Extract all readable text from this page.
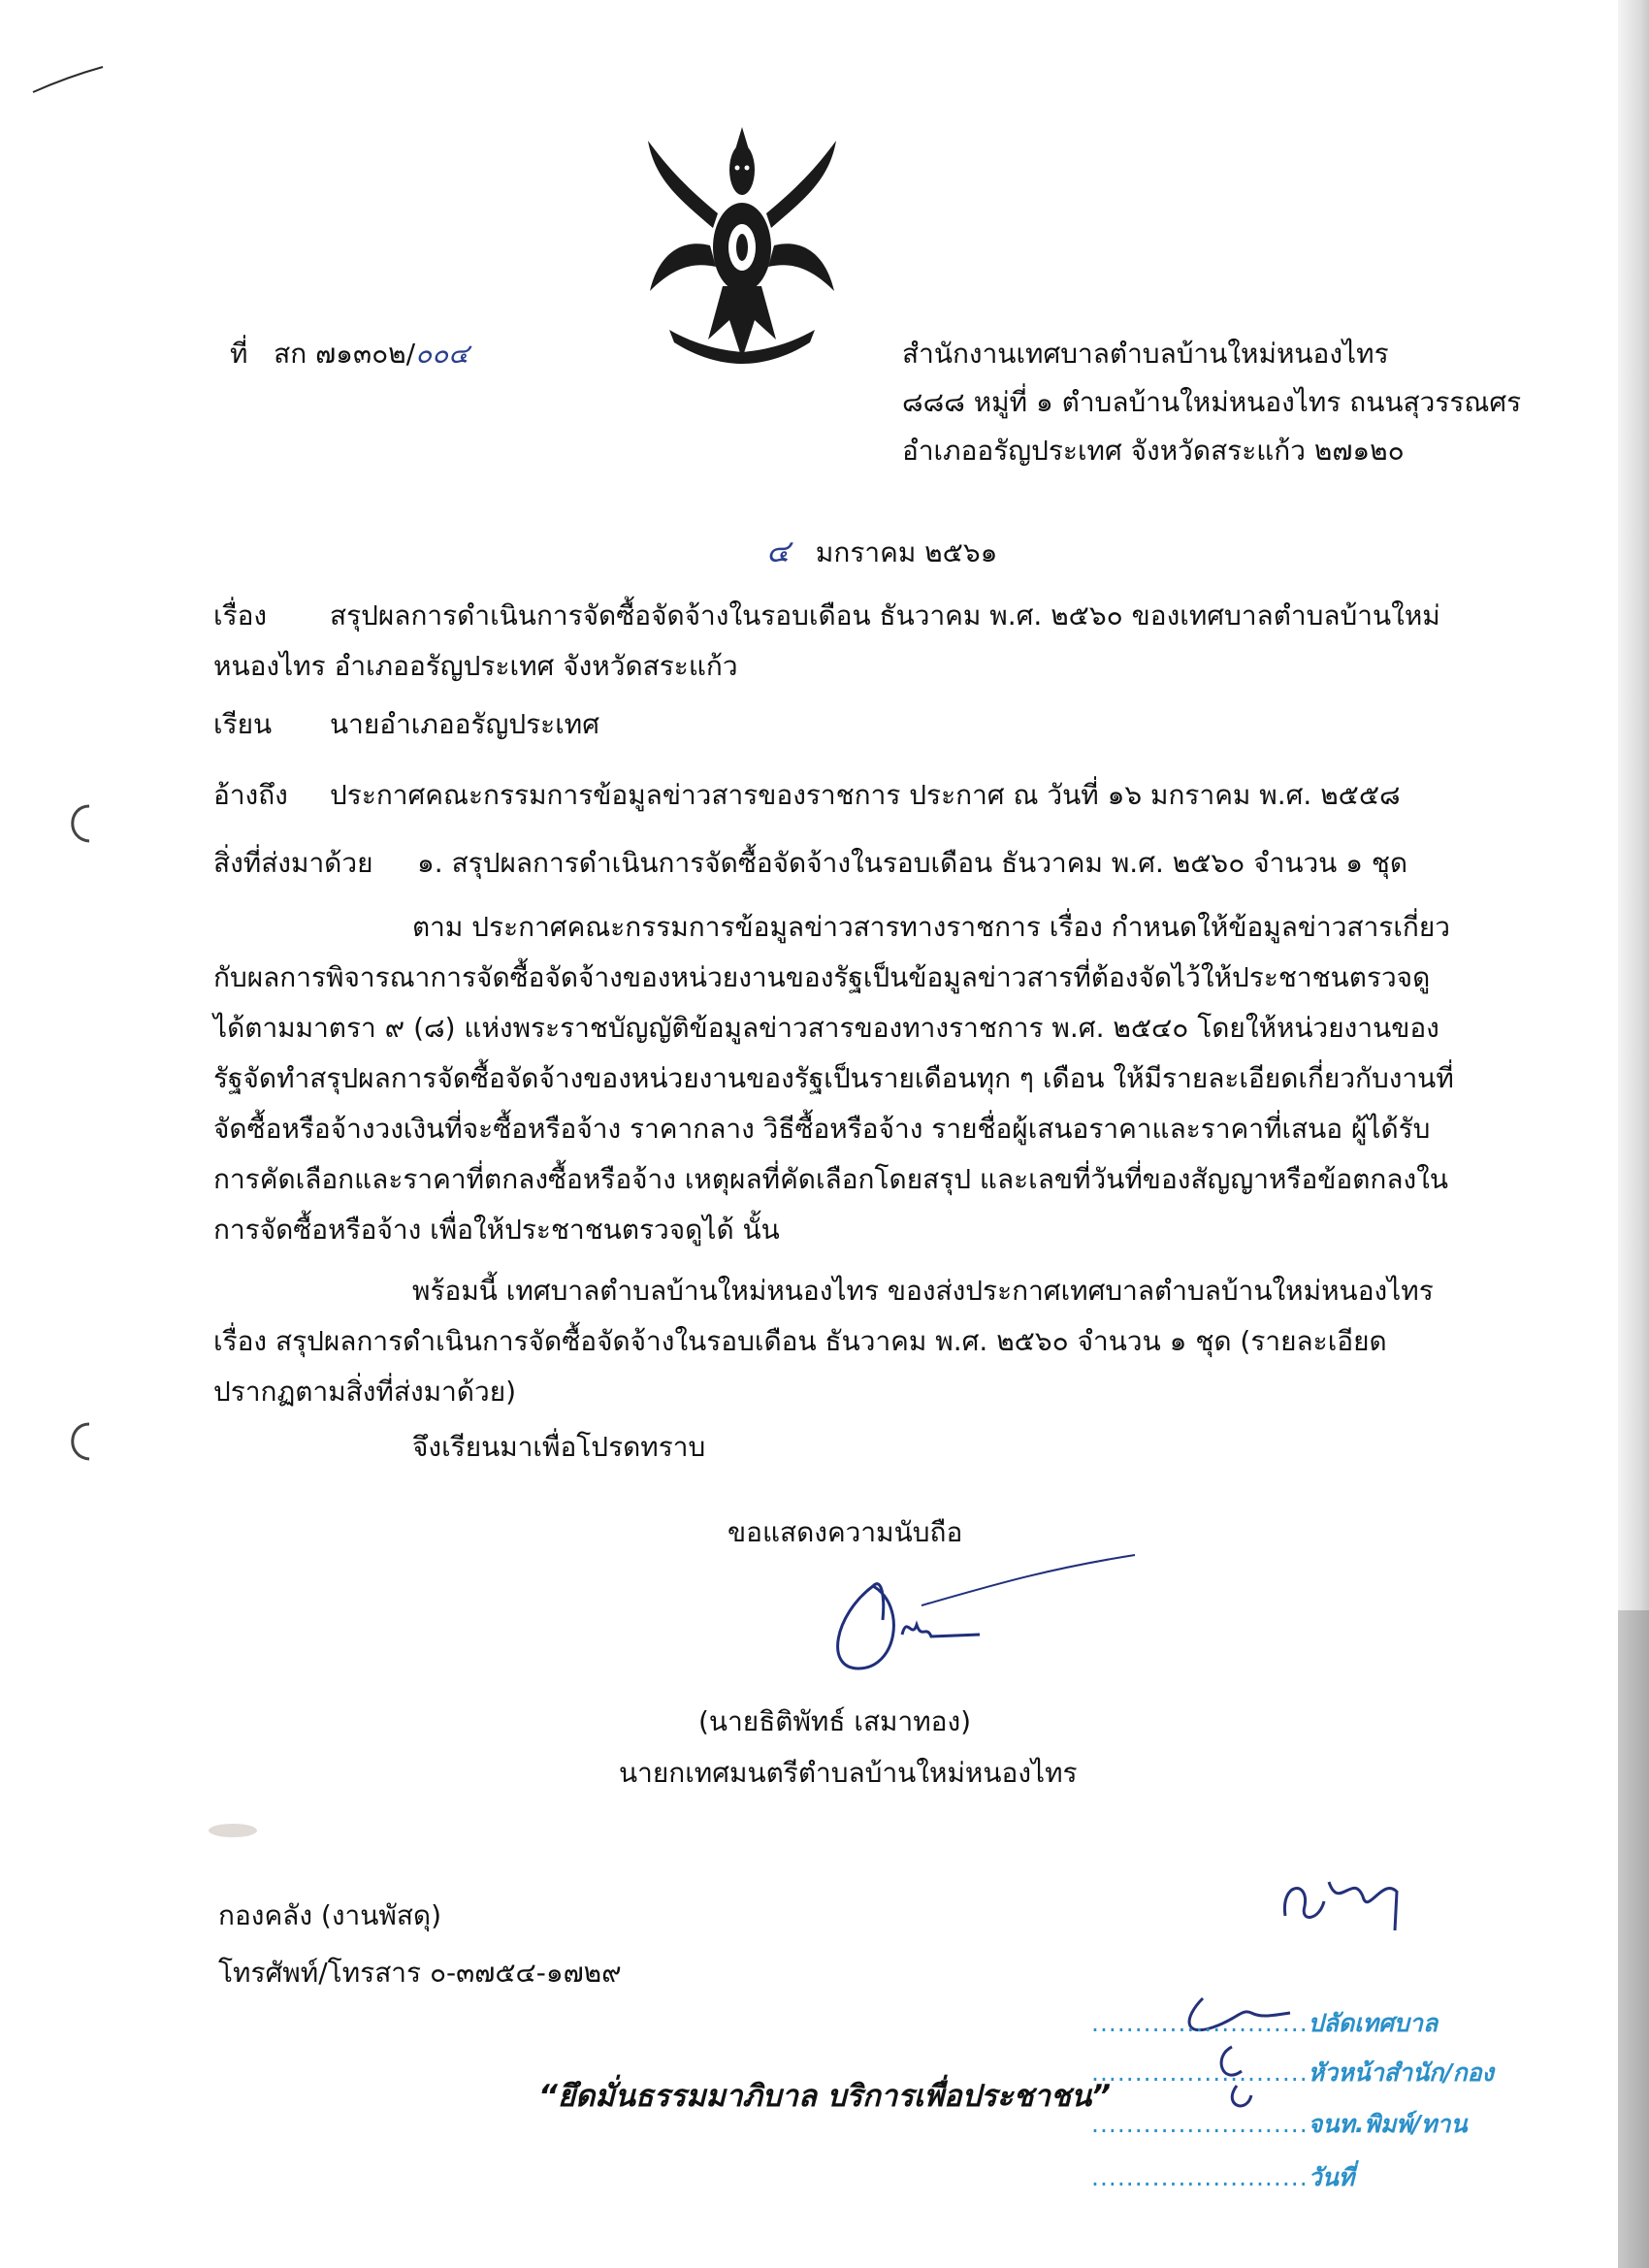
ที่ สก ๗๑๓๐๒/๐๐๔	สำนักงานเทศบาลตำบลบ้านใหม่หนองไทร
๘๘๘ หมู่ที่ ๑ ตำบลบ้านใหม่หนองไทร ถนนสุวรรณศร
อำเภออรัญประเทศ จังหวัดสระแก้ว ๒๗๑๒๐
๔ มกราคม ๒๕๖๑
เรื่อง สรุปผลการดำเนินการจัดซื้อจัดจ้างในรอบเดือน ธันวาคม พ.ศ. ๒๕๖๐ ของเทศบาลตำบลบ้านใหม่
หนองไทร อำเภออรัญประเทศ จังหวัดสระแก้ว
เรียน นายอำเภออรัญประเทศ
อ้างถึง ประกาศคณะกรรมการข้อมูลข่าวสารของราชการ ประกาศ ณ วันที่ ๑๖ มกราคม พ.ศ. ๒๕๕๘
สิ่งที่ส่งมาด้วย ๑. สรุปผลการดำเนินการจัดซื้อจัดจ้างในรอบเดือน ธันวาคม พ.ศ. ๒๕๖๐ จำนวน ๑ ชุด
ตาม ประกาศคณะกรรมการข้อมูลข่าวสารทางราชการ เรื่อง กำหนดให้ข้อมูลข่าวสารเกี่ยวกับผลการพิจารณาการจัดซื้อจัดจ้างของหน่วยงานของรัฐเป็นข้อมูลข่าวสารที่ต้องจัดไว้ให้ประชาชนตรวจดูได้ตามมาตรา ๙ (๘) แห่งพระราชบัญญัติข้อมูลข่าวสารของทางราชการ พ.ศ. ๒๕๔๐ โดยให้หน่วยงานของรัฐจัดทำสรุปผลการจัดซื้อจัดจ้างของหน่วยงานของรัฐเป็นรายเดือนทุก ๆ เดือน ให้มีรายละเอียดเกี่ยวกับงานที่จัดซื้อหรือจ้างวงเงินที่จะซื้อหรือจ้าง ราคากลาง วิธีซื้อหรือจ้าง รายชื่อผู้เสนอราคาและราคาที่เสนอ ผู้ได้รับการคัดเลือกและราคาที่ตกลงซื้อหรือจ้าง เหตุผลที่คัดเลือกโดยสรุป และเลขที่วันที่ของสัญญาหรือข้อตกลงในการจัดซื้อหรือจ้าง เพื่อให้ประชาชนตรวจดูได้ นั้น
พร้อมนี้ เทศบาลตำบลบ้านใหม่หนองไทร ของส่งประกาศเทศบาลตำบลบ้านใหม่หนองไทร เรื่อง สรุปผลการดำเนินการจัดซื้อจัดจ้างในรอบเดือน ธันวาคม พ.ศ. ๒๕๖๐ จำนวน ๑ ชุด (รายละเอียดปรากฏตามสิ่งที่ส่งมาด้วย)
จึงเรียนมาเพื่อโปรดทราบ
ขอแสดงความนับถือ
(นายธิติพัทธ์ เสมาทอง)
นายกเทศมนตรีตำบลบ้านใหม่หนองไทร
กองคลัง (งานพัสดุ)
โทรศัพท์/โทรสาร ๐-๓๗๕๔-๑๗๒๙
“ยึดมั่นธรรมมาภิบาล บริการเพื่อประชาชน”
.........................ปลัดเทศบาล
.........................หัวหน้าสำนัก/กอง
.........................จนท.พิมพ์/ทาน
.........................วันที่
